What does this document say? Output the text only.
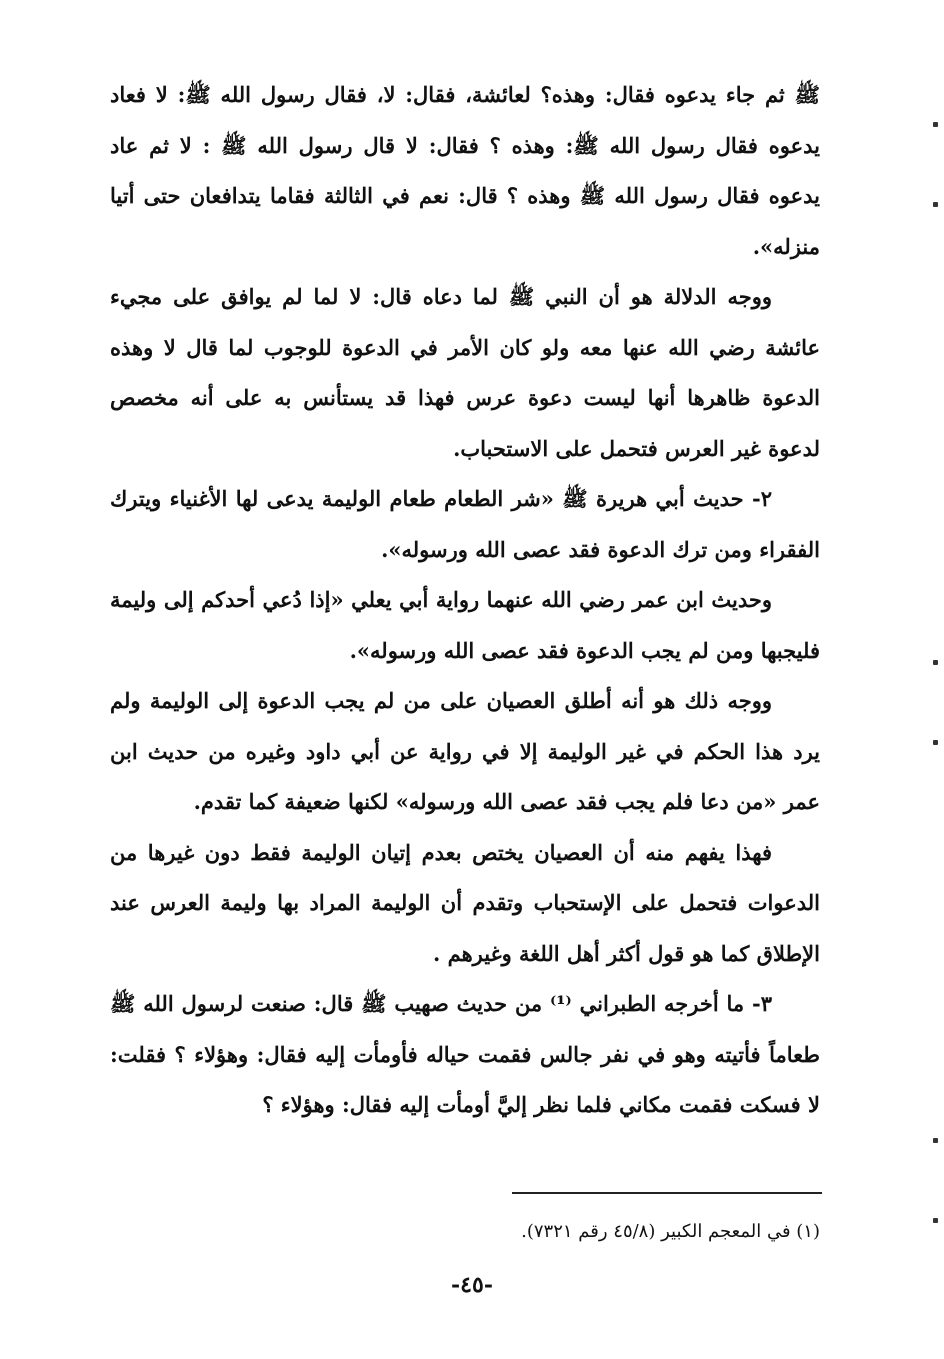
ﷺ ثم جاء يدعوه فقال: وهذه؟ لعائشة، فقال: لا، فقال رسول الله ﷺ: لا فعاد يدعوه فقال رسول الله ﷺ: وهذه ؟ فقال: لا قال رسول الله ﷺ : لا ثم عاد يدعوه فقال رسول الله ﷺ وهذه ؟ قال: نعم في الثالثة فقاما يتدافعان حتى أتيا منزله».

ووجه الدلالة هو أن النبي ﷺ لما دعاه قال: لا لما لم يوافق على مجيء عائشة رضي الله عنها معه ولو كان الأمر في الدعوة للوجوب لما قال لا وهذه الدعوة ظاهرها أنها ليست دعوة عرس فهذا قد يستأنس به على أنه مخصص لدعوة غير العرس فتحمل على الاستحباب.

٢- حديث أبي هريرة ﷺ «شر الطعام طعام الوليمة يدعى لها الأغنياء ويترك الفقراء ومن ترك الدعوة فقد عصى الله ورسوله».

وحديث ابن عمر رضي الله عنهما رواية أبي يعلي «إذا دُعي أحدكم إلى وليمة فليجبها ومن لم يجب الدعوة فقد عصى الله ورسوله».

ووجه ذلك هو أنه أطلق العصيان على من لم يجب الدعوة إلى الوليمة ولم يرد هذا الحكم في غير الوليمة إلا في رواية عن أبي داود وغيره من حديث ابن عمر «من دعا فلم يجب فقد عصى الله ورسوله» لكنها ضعيفة كما تقدم.

فهذا يفهم منه أن العصيان يختص بعدم إتيان الوليمة فقط دون غيرها من الدعوات فتحمل على الإستحباب وتقدم أن الوليمة المراد بها وليمة العرس عند الإطلاق كما هو قول أكثر أهل اللغة وغيرهم .

٣- ما أخرجه الطبراني ⁽¹⁾ من حديث صهيب ﷺ قال: صنعت لرسول الله ﷺ طعاماً فأتيته وهو في نفر جالس فقمت حياله فأومأت إليه فقال: وهؤلاء ؟ فقلت: لا فسكت فقمت مكاني فلما نظر إليَّ أومأت إليه فقال: وهؤلاء ؟

(١) في المعجم الكبير (٤٥/٨ رقم ٧٣٢١).
-٤٥-
